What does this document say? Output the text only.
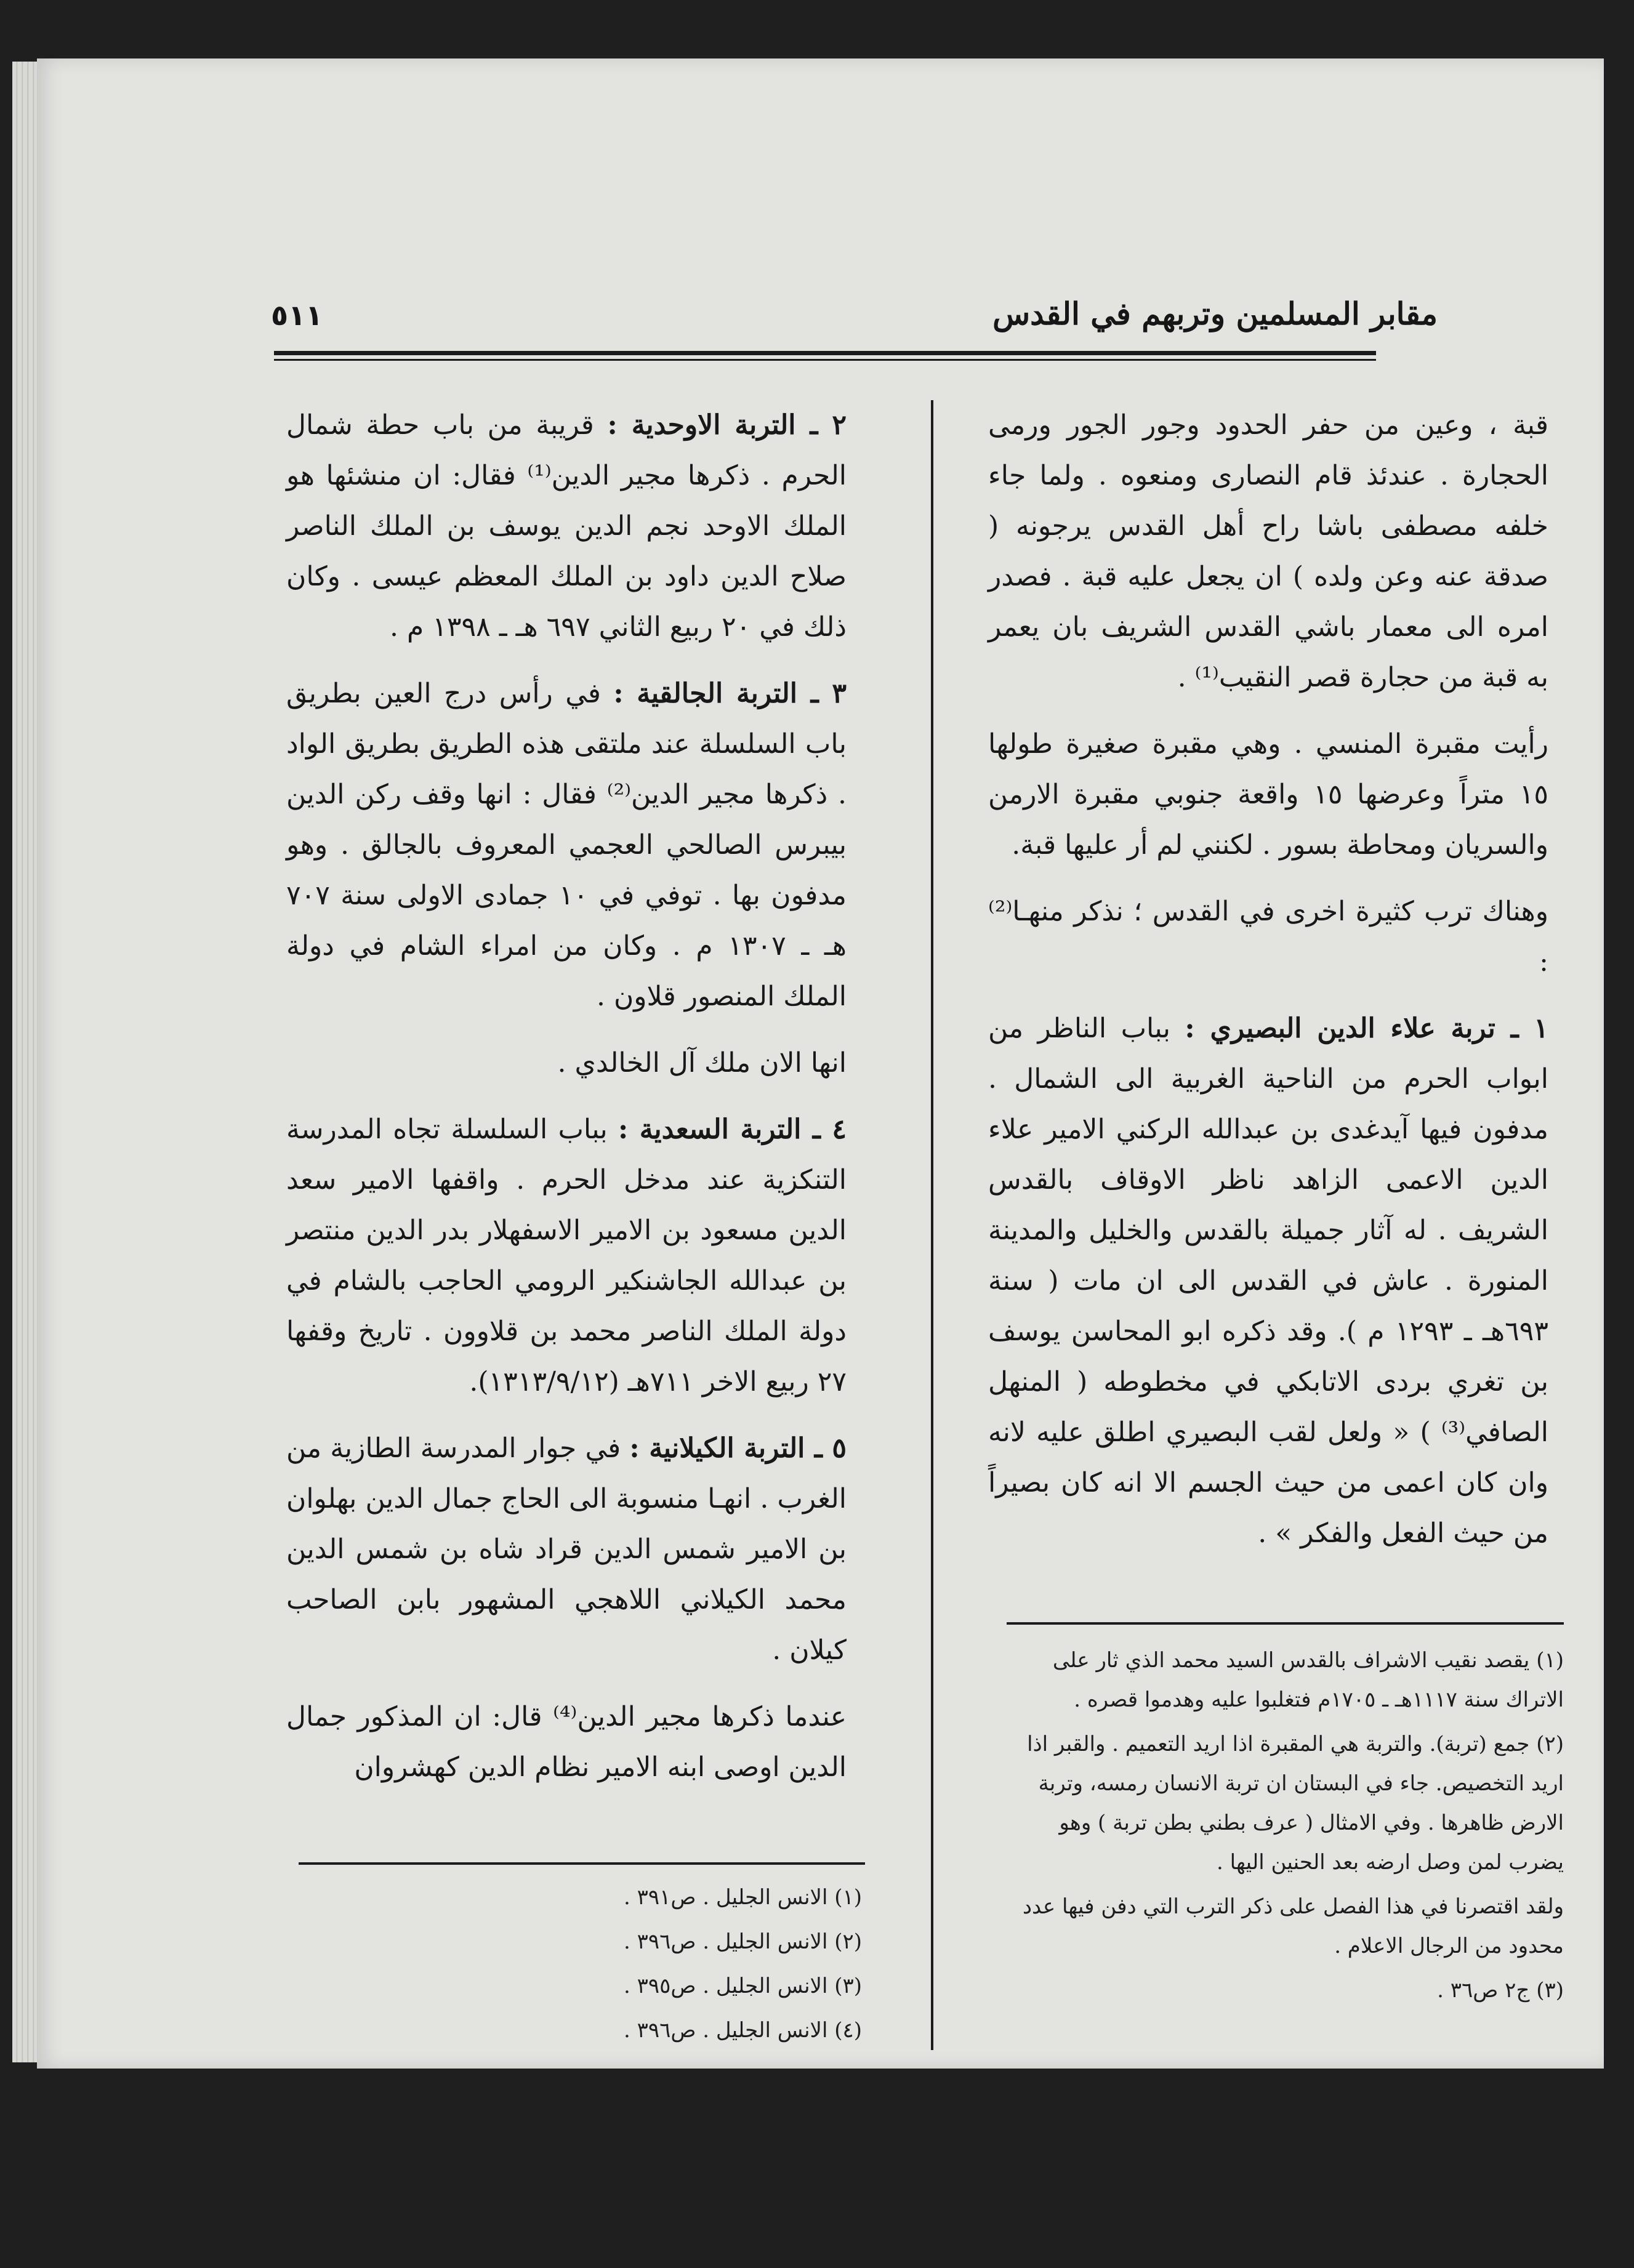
٥١١	مقابر المسلمين وتربهم في القدس

قبة ، وعين من حفر الحدود وجور الجور ورمى الحجارة . عندئذ قام النصارى ومنعوه . ولما جاء خلفه مصطفى باشا راح أهل القدس يرجونه ( صدقة عنه وعن ولده ) ان يجعل عليه قبة . فصدر امره الى معمار باشي القدس الشريف بان يعمر به قبة من حجارة قصر النقيب⁽¹⁾ .

رأيت مقبرة المنسي . وهي مقبرة صغيرة طولها ١٥ متراً وعرضها ١٥ واقعة جنوبي مقبرة الارمن والسريان ومحاطة بسور . لكنني لم أر عليها قبة.

وهناك ترب كثيرة اخرى في القدس ؛ نذكر منهـا⁽²⁾ :

١ ـ تربة علاء الدين البصيري : بباب الناظر من ابواب الحرم من الناحية الغربية الى الشمال . مدفون فيها آيدغدى بن عبدالله الركني الامير علاء الدين الاعمى الزاهد ناظر الاوقاف بالقدس الشريف . له آثار جميلة بالقدس والخليل والمدينة المنورة . عاش في القدس الى ان مات ( سنة ٦٩٣هـ ـ ١٢٩٣ م ). وقد ذكره ابو المحاسن يوسف بن تغري بردى الاتابكي في مخطوطه ( المنهل الصافي⁽³⁾ ) « ولعل لقب البصيري اطلق عليه لانه وان كان اعمى من حيث الجسم الا انه كان بصيراً من حيث الفعل والفكر » .

٢ ـ التربة الاوحدية : قريبة من باب حطة شمال الحرم . ذكرها مجير الدين⁽¹⁾ فقال: ان منشئها هو الملك الاوحد نجم الدين يوسف بن الملك الناصر صلاح الدين داود بن الملك المعظم عيسى . وكان ذلك في ٢٠ ربيع الثاني ٦٩٧ هـ ـ ١٣٩٨ م .

٣ ـ التربة الجالقية : في رأس درج العين بطريق باب السلسلة عند ملتقى هذه الطريق بطريق الواد . ذكرها مجير الدين⁽²⁾ فقال : انها وقف ركن الدين بيبرس الصالحي العجمي المعروف بالجالق . وهو مدفون بها . توفي في ١٠ جمادى الاولى سنة ٧٠٧ هـ ـ ١٣٠٧ م . وكان من امراء الشام في دولة الملك المنصور قلاون .

انها الان ملك آل الخالدي .

٤ ـ التربة السعدية : بباب السلسلة تجاه المدرسة التنكزية عند مدخل الحرم . واقفها الامير سعد الدين مسعود بن الامير الاسفهلار بدر الدين منتصر بن عبدالله الجاشنكير الرومي الحاجب بالشام في دولة الملك الناصر محمد بن قلاوون . تاريخ وقفها ٢٧ ربيع الاخر ٧١١هـ (١٣١٣/٩/١٢).

٥ ـ التربة الكيلانية : في جوار المدرسة الطازية من الغرب . انهـا منسوبة الى الحاج جمال الدين بهلوان بن الامير شمس الدين قراد شاه بن شمس الدين محمد الكيلاني اللاهجي المشهور بابن الصاحب كيلان .

عندما ذكرها مجير الدين⁽⁴⁾ قال: ان المذكور جمال الدين اوصى ابنه الامير نظام الدين كهشروان

(١) يقصد نقيب الاشراف بالقدس السيد محمد الذي ثار على الاتراك سنة ١١١٧هـ ـ ١٧٠٥م فتغلبوا عليه وهدموا قصره .

(٢) جمع (تربة). والتربة هي المقبرة اذا اريد التعميم . والقبر اذا اريد التخصيص. جاء في البستان ان تربة الانسان رمسه، وتربة الارض ظاهرها . وفي الامثال ( عرف بطني بطن تربة ) وهو يضرب لمن وصل ارضه بعد الحنين اليها .

ولقد اقتصرنا في هذا الفصل على ذكر الترب التي دفن فيها عدد محدود من الرجال الاعلام .

(٣) ج٢ ص٣٦ .

(١) الانس الجليل . ص٣٩١ .

(٢) الانس الجليل . ص٣٩٦ .

(٣) الانس الجليل . ص٣٩٥ .

(٤) الانس الجليل . ص٣٩٦ .
